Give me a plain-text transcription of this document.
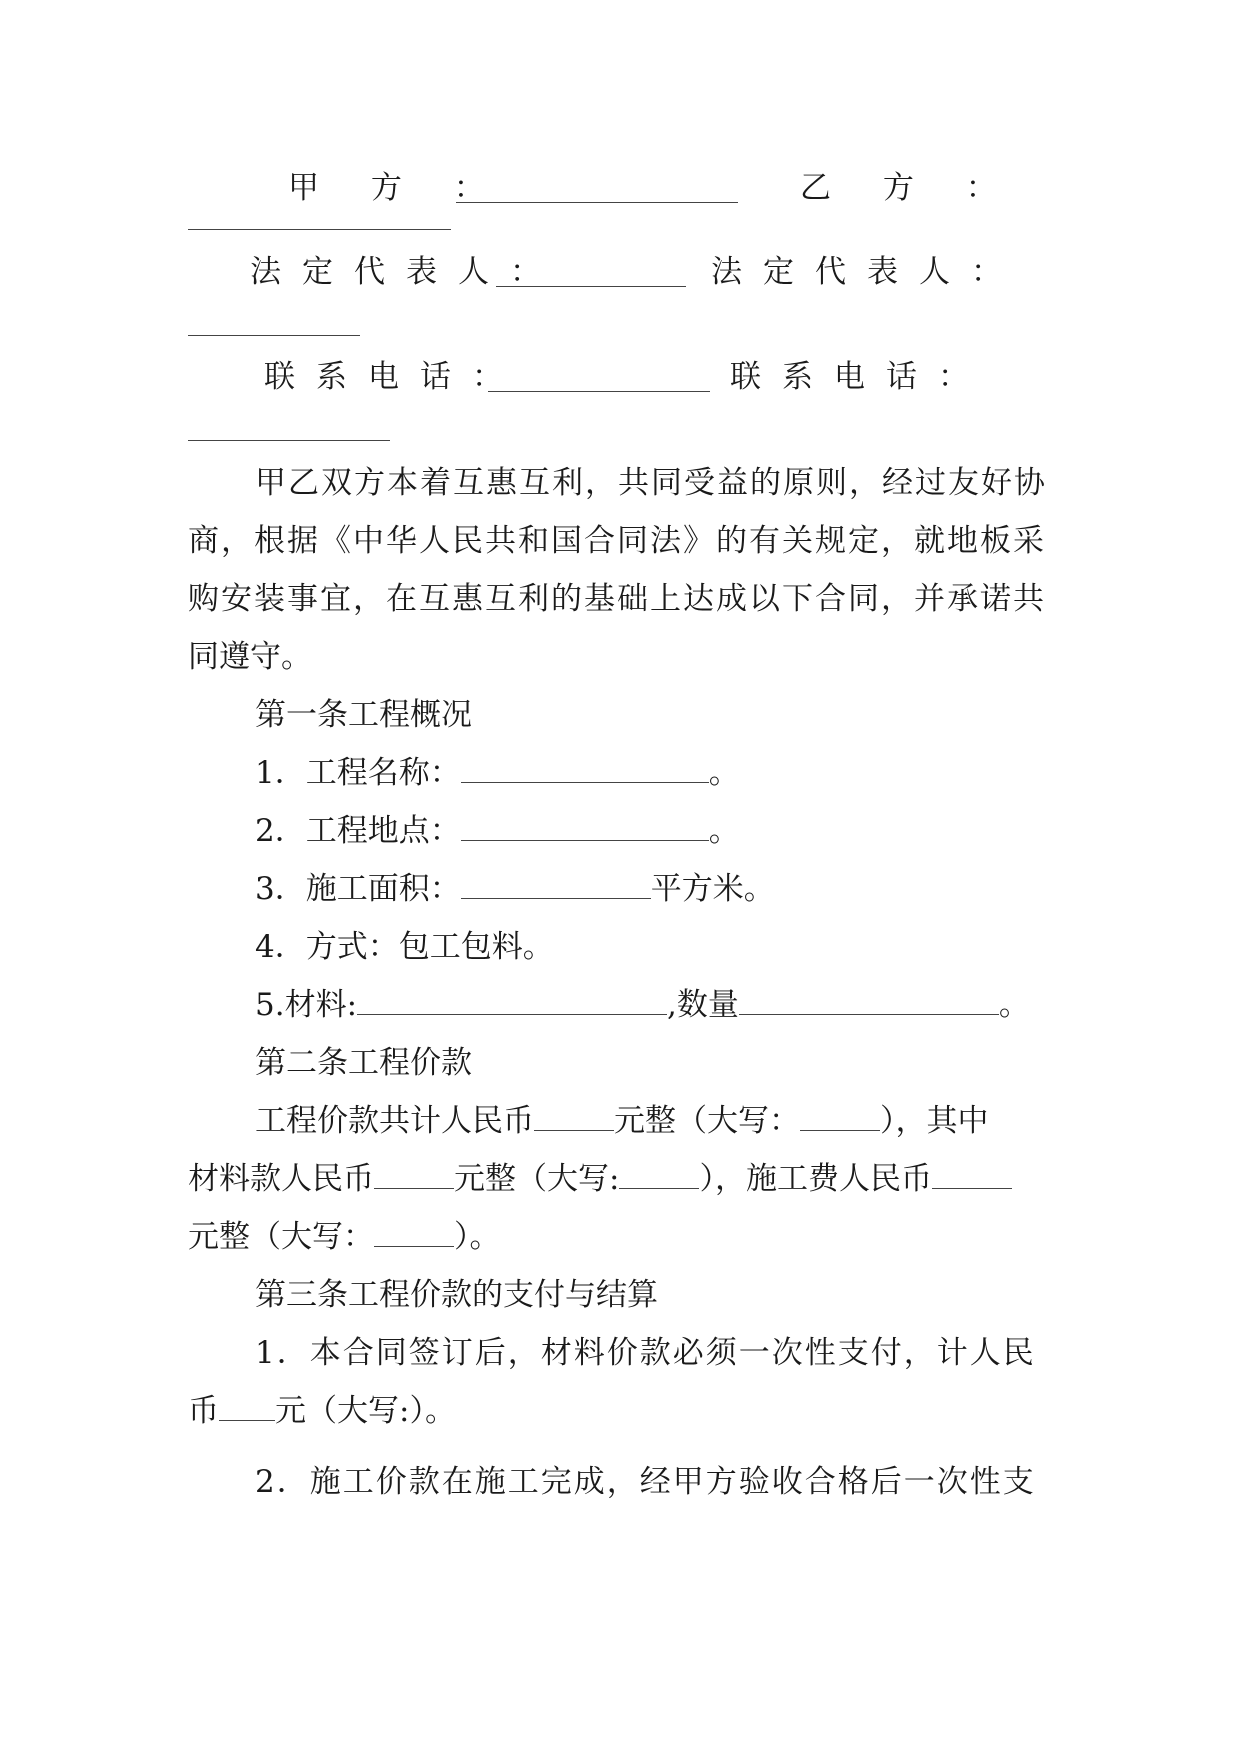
甲 方 ：	乙 方 ：
法定代表人：	法定代表人：
联系电话：	联系电话：
甲乙双方本着互惠互利，共同受益的原则，经过友好协
商，根据《中华人民共和国合同法》的有关规定，就地板采
购安装事宜，在互惠互利的基础上达成以下合同，并承诺共
同遵守。
第一条工程概况
1．工程名称：	。
2．工程地点：	。
3．施工面积：	平方米。
4．方式：包工包料。
5.材料:	,数量	。
第二条工程价款
工程价款共计人民币	元整（大写：	），其中
材料款人民币	元整（大写:	），施工费人民币
元整（大写：	）。
第三条工程价款的支付与结算
1．本合同签订后，材料价款必须一次性支付，计人民
币 元（大写:）。
2．施工价款在施工完成，经甲方验收合格后一次性支
